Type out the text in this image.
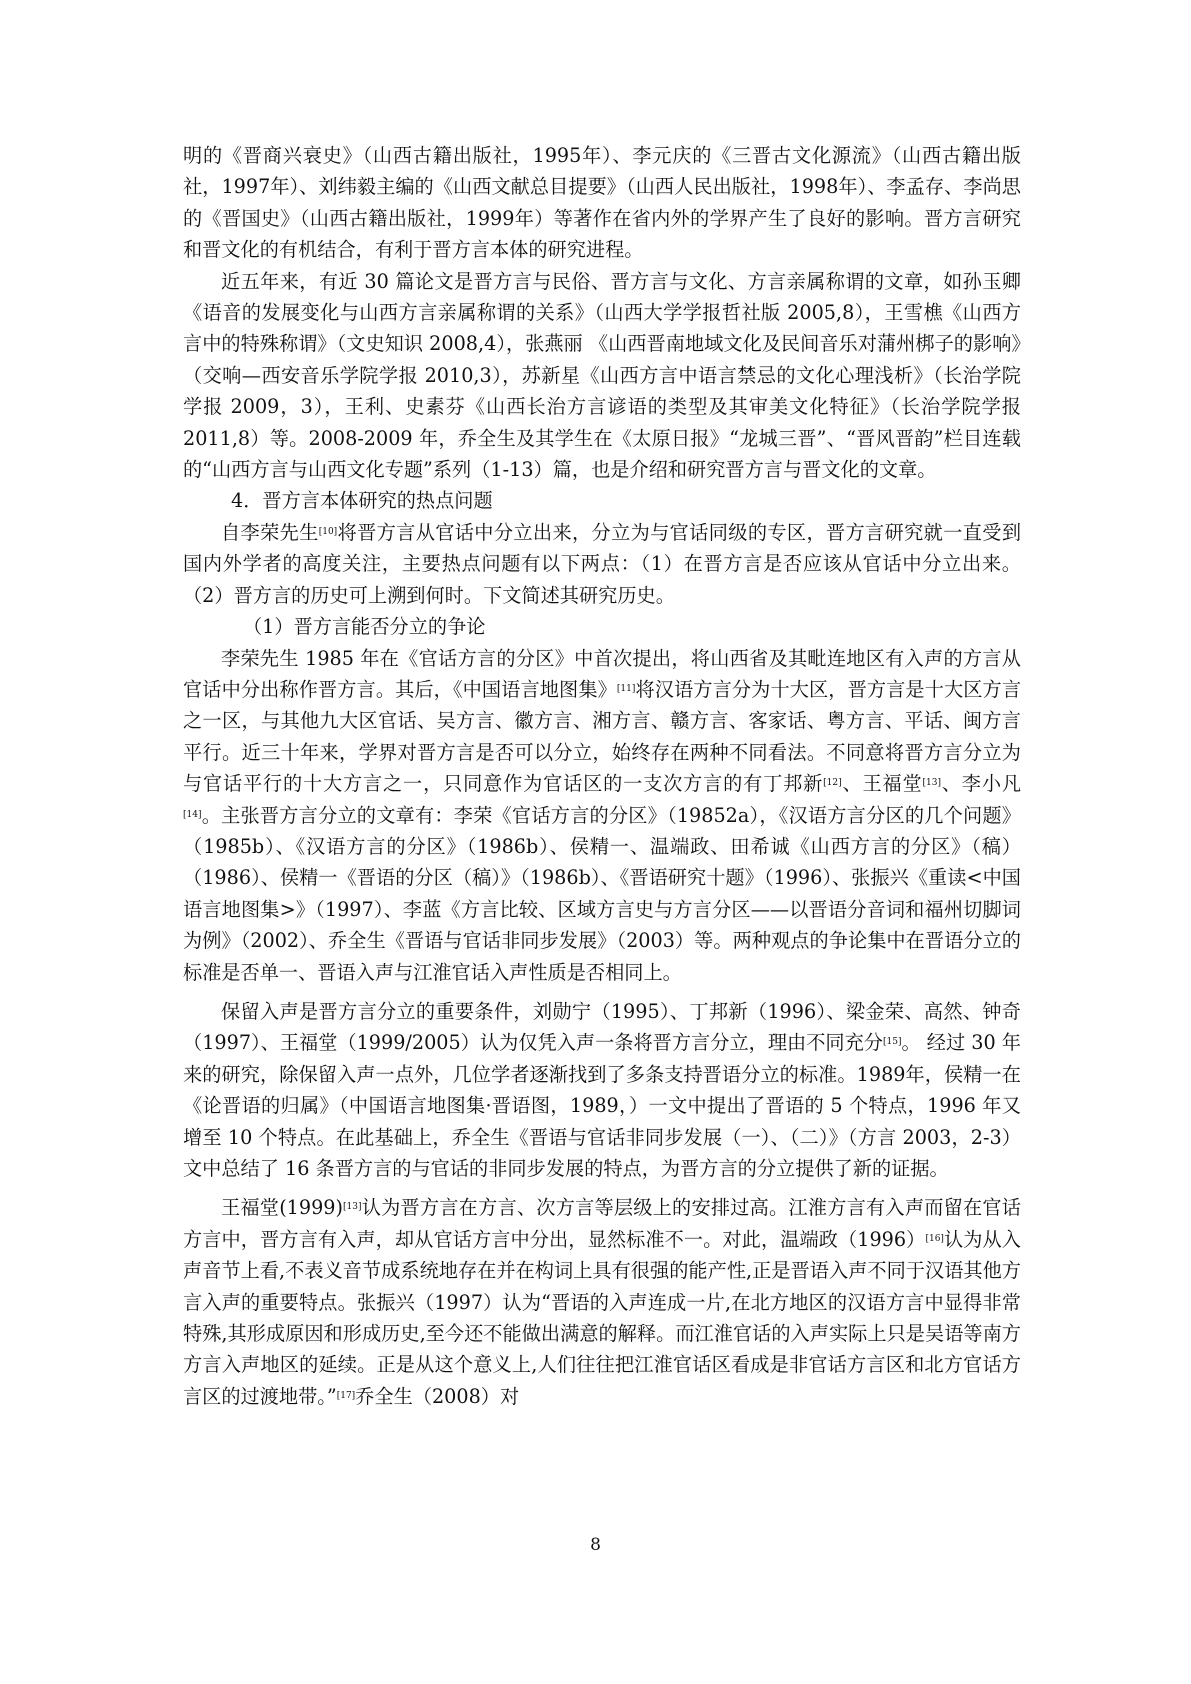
明的《晋商兴衰史》（山西古籍出版社，1995年）、李元庆的《三晋古文化源流》（山西古籍出版社，1997年）、刘纬毅主编的《山西文献总目提要》（山西人民出版社，1998年）、李孟存、李尚思的《晋国史》（山西古籍出版社，1999年）等著作在省内外的学界产生了良好的影响。晋方言研究和晋文化的有机结合，有利于晋方言本体的研究进程。

近五年来，有近 30 篇论文是晋方言与民俗、晋方言与文化、方言亲属称谓的文章，如孙玉卿《语音的发展变化与山西方言亲属称谓的关系》（山西大学学报哲社版 2005,8），王雪樵《山西方言中的特殊称谓》（文史知识 2008,4），张燕丽 《山西晋南地域文化及民间音乐对蒲州梆子的影响》（交响—西安音乐学院学报 2010,3），苏新星《山西方言中语言禁忌的文化心理浅析》（长治学院学报 2009，3），王利、史素芬《山西长治方言谚语的类型及其审美文化特征》（长治学院学报 2011,8）等。2008-2009 年，乔全生及其学生在《太原日报》“龙城三晋”、“晋风晋韵”栏目连载的“山西方言与山西文化专题”系列（1-13）篇，也是介绍和研究晋方言与晋文化的文章。

4．晋方言本体研究的热点问题

自李荣先生[10]将晋方言从官话中分立出来，分立为与官话同级的专区，晋方言研究就一直受到国内外学者的高度关注，主要热点问题有以下两点：（1）在晋方言是否应该从官话中分立出来。（2）晋方言的历史可上溯到何时。下文简述其研究历史。

（1）晋方言能否分立的争论

李荣先生 1985 年在《官话方言的分区》中首次提出，将山西省及其毗连地区有入声的方言从官话中分出称作晋方言。其后，《中国语言地图集》[11]将汉语方言分为十大区，晋方言是十大区方言之一区，与其他九大区官话、吴方言、徽方言、湘方言、赣方言、客家话、粤方言、平话、闽方言平行。近三十年来，学界对晋方言是否可以分立，始终存在两种不同看法。不同意将晋方言分立为与官话平行的十大方言之一，只同意作为官话区的一支次方言的有丁邦新[12]、王福堂[13]、李小凡[14]。主张晋方言分立的文章有：李荣《官话方言的分区》（19852a），《汉语方言分区的几个问题》（1985b）、《汉语方言的分区》（1986b）、侯精一、温端政、田希诚《山西方言的分区》（稿）（1986）、侯精一《晋语的分区（稿）》（1986b）、《晋语研究十题》（1996）、张振兴《重读<中国语言地图集>》（1997）、李蓝《方言比较、区域方言史与方言分区——以晋语分音词和福州切脚词为例》（2002）、乔全生《晋语与官话非同步发展》（2003）等。两种观点的争论集中在晋语分立的标准是否单一、晋语入声与江淮官话入声性质是否相同上。

保留入声是晋方言分立的重要条件，刘勋宁（1995）、丁邦新（1996）、梁金荣、高然、钟奇（1997）、王福堂（1999/2005）认为仅凭入声一条将晋方言分立，理由不同充分[15]。 经过 30 年来的研究，除保留入声一点外，几位学者逐渐找到了多条支持晋语分立的标准。1989年，侯精一在《论晋语的归属》（中国语言地图集·晋语图，1989，）一文中提出了晋语的 5 个特点，1996 年又增至 10 个特点。在此基础上，乔全生《晋语与官话非同步发展（一）、（二）》（方言 2003，2-3）文中总结了 16 条晋方言的与官话的非同步发展的特点，为晋方言的分立提供了新的证据。

王福堂(1999)[13]认为晋方言在方言、次方言等层级上的安排过高。江淮方言有入声而留在官话方言中，晋方言有入声，却从官话方言中分出，显然标准不一。对此，温端政（1996）[16]认为从入声音节上看,不表义音节成系统地存在并在构词上具有很强的能产性,正是晋语入声不同于汉语其他方言入声的重要特点。张振兴（1997）认为“晋语的入声连成一片,在北方地区的汉语方言中显得非常特殊,其形成原因和形成历史,至今还不能做出满意的解释。而江淮官话的入声实际上只是吴语等南方方言入声地区的延续。正是从这个意义上,人们往往把江淮官话区看成是非官话方言区和北方官话方言区的过渡地带。”[17]乔全生（2008）对

8
